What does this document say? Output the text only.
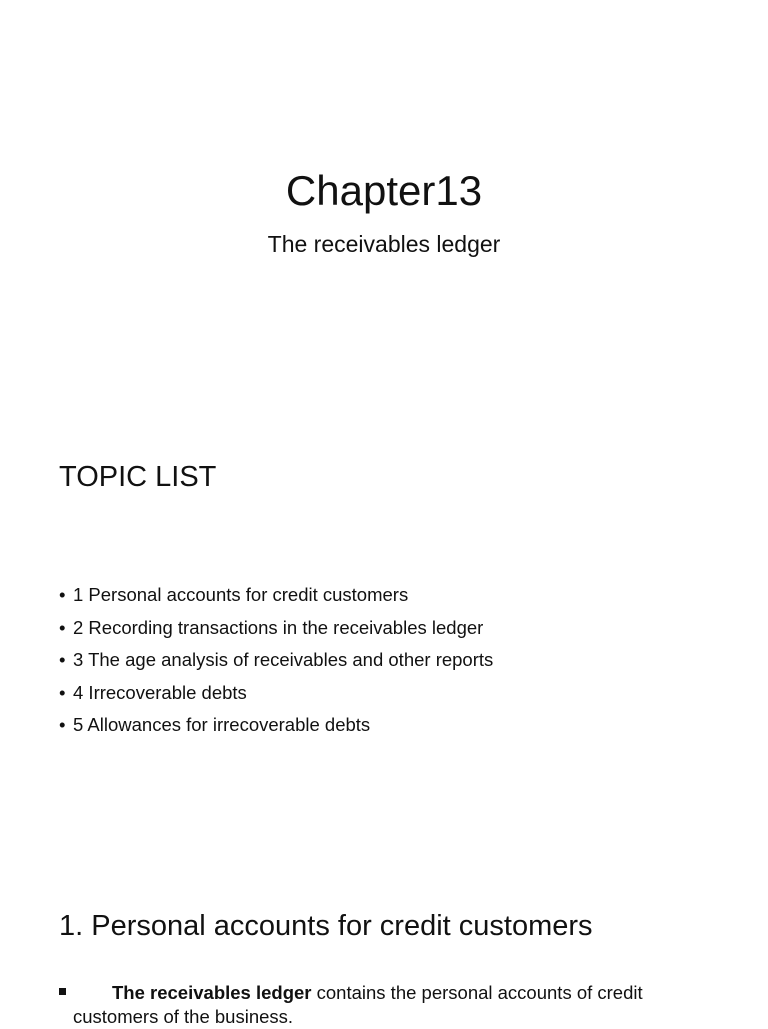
Chapter13

The receivables ledger

TOPIC LIST
• 1 Personal accounts for credit customers
• 2 Recording transactions in the receivables ledger
• 3 The age analysis of receivables and other reports
• 4 Irrecoverable debts
• 5 Allowances for irrecoverable debts
1. Personal accounts for credit customers

The receivables ledger contains the personal accounts of credit
customers of the business.
